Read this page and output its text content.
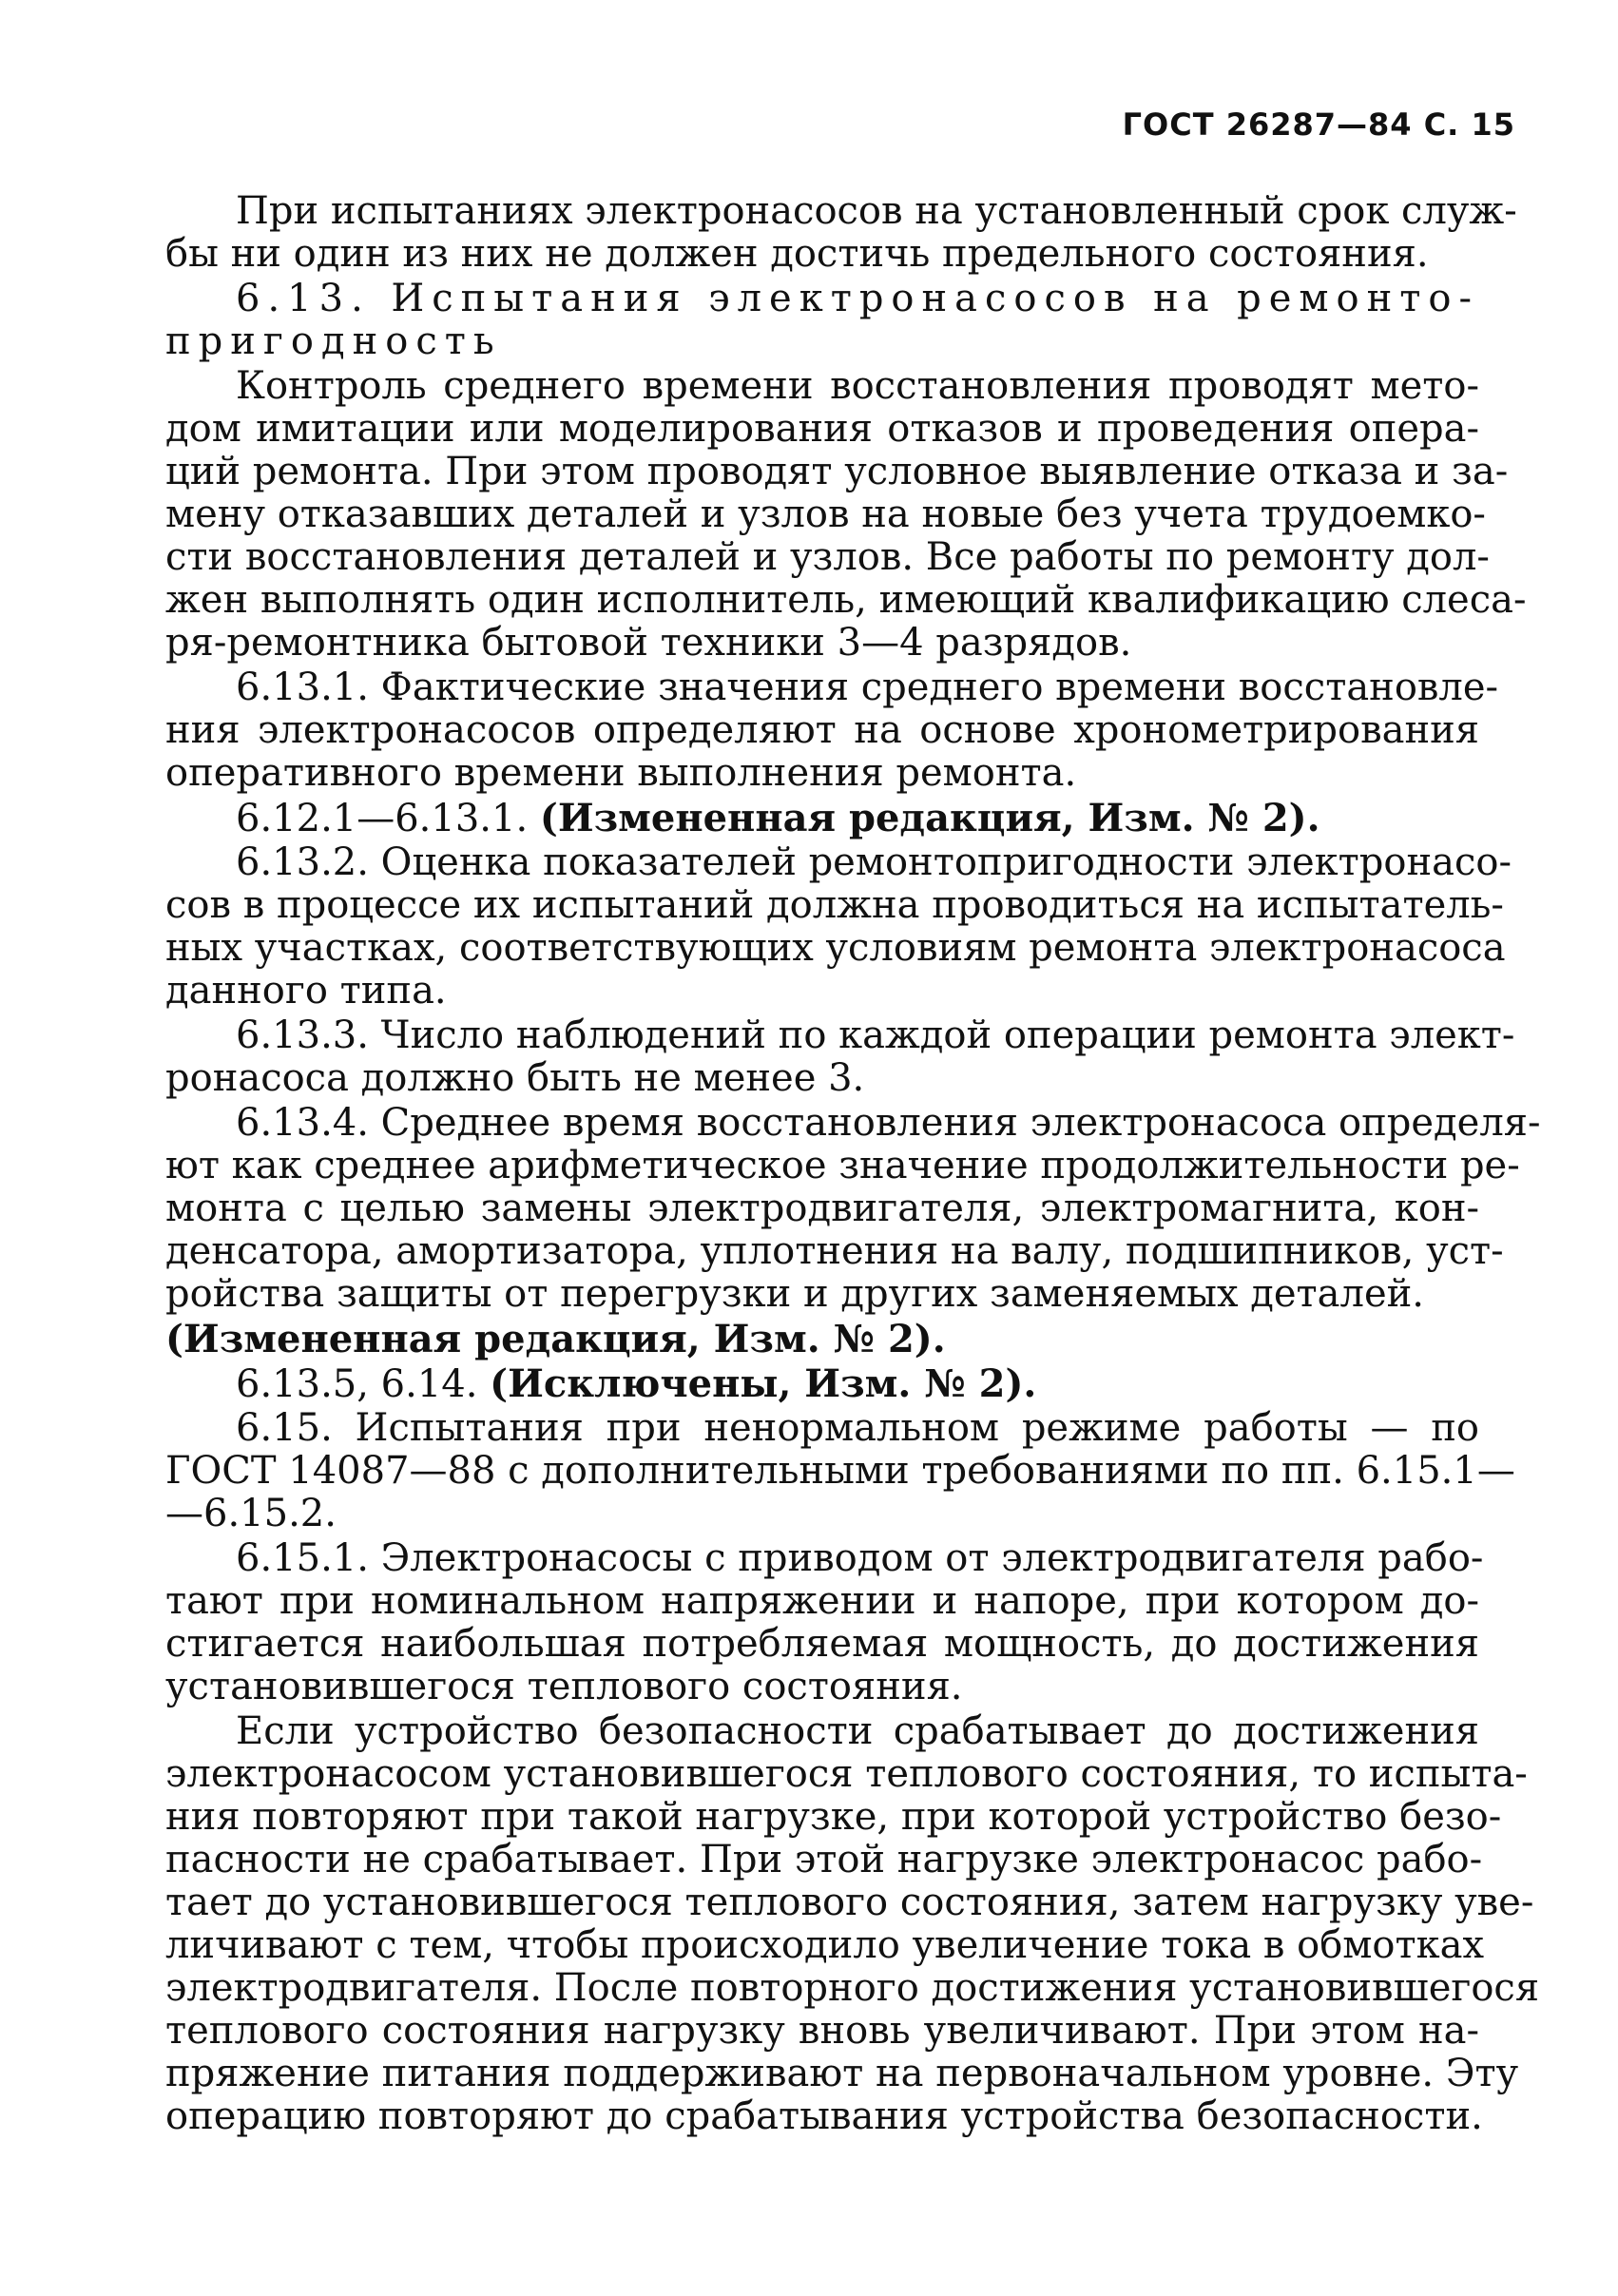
ГОСТ 26287—84 С. 15
При испытаниях электронасосов на установленный срок служ-
бы ни один из них не должен достичь предельного состояния.
6.13. Испытания электронасосов на ремонто-
пригодность
Контроль среднего времени восстановления проводят мето-
дом имитации или моделирования отказов и проведения опера-
ций ремонта. При этом проводят условное выявление отказа и за-
мену отказавших деталей и узлов на новые без учета трудоемко-
сти восстановления деталей и узлов. Все работы по ремонту дол-
жен выполнять один исполнитель, имеющий квалификацию слеса-
ря-ремонтника бытовой техники 3—4 разрядов.
6.13.1. Фактические значения среднего времени восстановле-
ния электронасосов определяют на основе хронометрирования
оперативного времени выполнения ремонта.
6.12.1—6.13.1. (Измененная редакция, Изм. № 2).
6.13.2. Оценка показателей ремонтопригодности электронасо-
сов в процессе их испытаний должна проводиться на испытатель-
ных участках, соответствующих условиям ремонта электронасоса
данного типа.
6.13.3. Число наблюдений по каждой операции ремонта элект-
ронасоса должно быть не менее 3.
6.13.4. Среднее время восстановления электронасоса определя-
ют как среднее арифметическое значение продолжительности ре-
монта с целью замены электродвигателя, электромагнита, кон-
денсатора, амортизатора, уплотнения на валу, подшипников, уст-
ройства защиты от перегрузки и других заменяемых деталей.
(Измененная редакция, Изм. № 2).
6.13.5, 6.14. (Исключены, Изм. № 2).
6.15. Испытания при ненормальном режиме работы — по
ГОСТ 14087—88 с дополнительными требованиями по пп. 6.15.1—
—6.15.2.
6.15.1. Электронасосы с приводом от электродвигателя рабо-
тают при номинальном напряжении и напоре, при котором до-
стигается наибольшая потребляемая мощность, до достижения
установившегося теплового состояния.
Если устройство безопасности срабатывает до достижения
электронасосом установившегося теплового состояния, то испыта-
ния повторяют при такой нагрузке, при которой устройство безо-
пасности не срабатывает. При этой нагрузке электронасос рабо-
тает до установившегося теплового состояния, затем нагрузку уве-
личивают с тем, чтобы происходило увеличение тока в обмотках
электродвигателя. После повторного достижения установившегося
теплового состояния нагрузку вновь увеличивают. При этом на-
пряжение питания поддерживают на первоначальном уровне. Эту
операцию повторяют до срабатывания устройства безопасности.
